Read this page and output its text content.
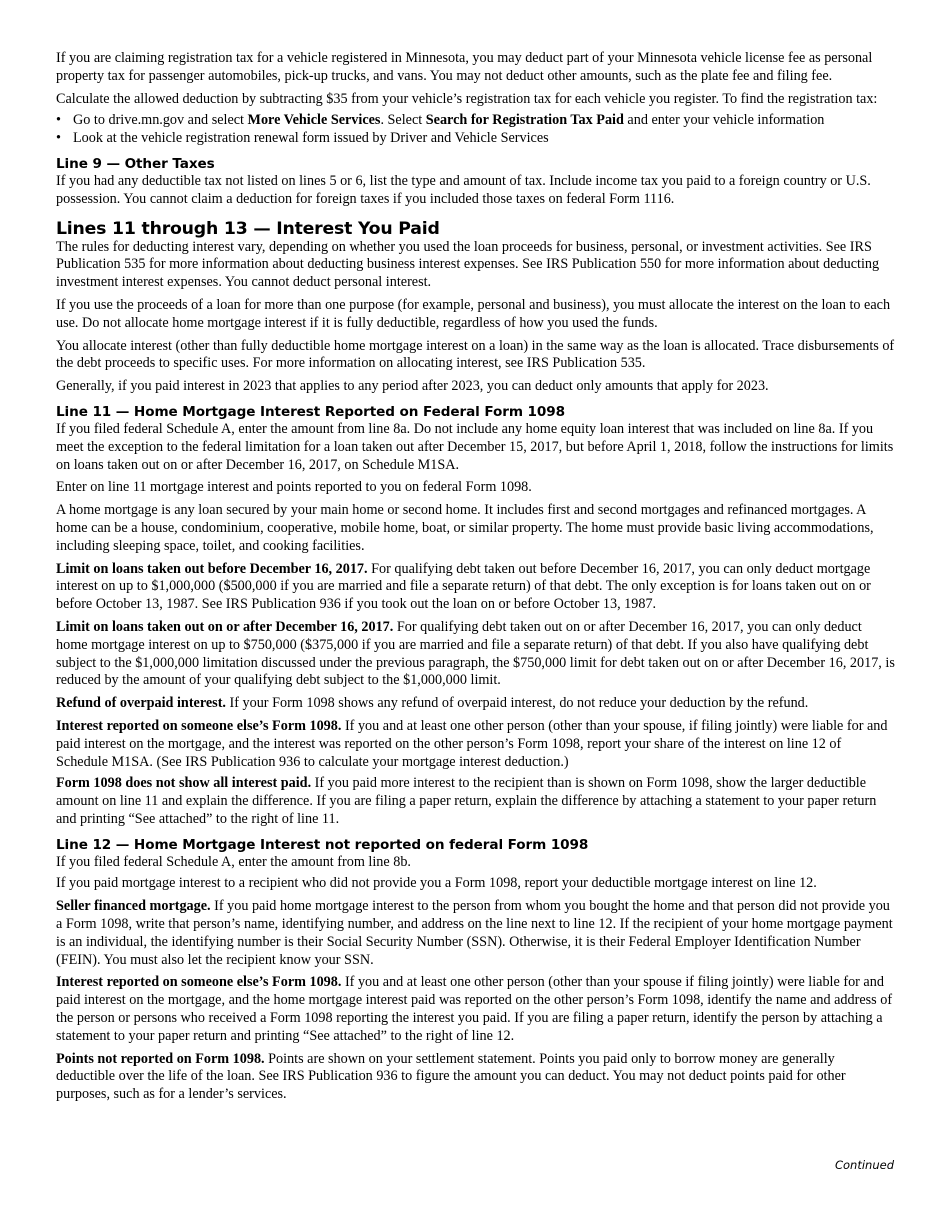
If you are claiming registration tax for a vehicle registered in Minnesota, you may deduct part of your Minnesota vehicle license fee as personal property tax for passenger automobiles, pick-up trucks, and vans. You may not deduct other amounts, such as the plate fee and filing fee.

Calculate the allowed deduction by subtracting $35 from your vehicle’s registration tax for each vehicle you register. To find the registration tax:

• Go to drive.mn.gov and select More Vehicle Services. Select Search for Registration Tax Paid and enter your vehicle information
• Look at the vehicle registration renewal form issued by Driver and Vehicle Services
Line 9 — Other Taxes

If you had any deductible tax not listed on lines 5 or 6, list the type and amount of tax. Include income tax you paid to a foreign country or U.S. possession. You cannot claim a deduction for foreign taxes if you included those taxes on federal Form 1116.

Lines 11 through 13 — Interest You Paid

The rules for deducting interest vary, depending on whether you used the loan proceeds for business, personal, or investment activities. See IRS Publication 535 for more information about deducting business interest expenses. See IRS Publication 550 for more information about deducting investment interest expenses. You cannot deduct personal interest.

If you use the proceeds of a loan for more than one purpose (for example, personal and business), you must allocate the interest on the loan to each use. Do not allocate home mortgage interest if it is fully deductible, regardless of how you used the funds.

You allocate interest (other than fully deductible home mortgage interest on a loan) in the same way as the loan is allocated. Trace disbursements of the debt proceeds to specific uses. For more information on allocating interest, see IRS Publication 535.

Generally, if you paid interest in 2023 that applies to any period after 2023, you can deduct only amounts that apply for 2023.

Line 11 — Home Mortgage Interest Reported on Federal Form 1098

If you filed federal Schedule A, enter the amount from line 8a. Do not include any home equity loan interest that was included on line 8a. If you meet the exception to the federal limitation for a loan taken out after December 15, 2017, but before April 1, 2018, follow the instructions for limits on loans taken out on or after December 16, 2017, on Schedule M1SA.

Enter on line 11 mortgage interest and points reported to you on federal Form 1098.

A home mortgage is any loan secured by your main home or second home. It includes first and second mortgages and refinanced mortgages. A home can be a house, condominium, cooperative, mobile home, boat, or similar property. The home must provide basic living accommodations, including sleeping space, toilet, and cooking facilities.

Limit on loans taken out before December 16, 2017. For qualifying debt taken out before December 16, 2017, you can only deduct mortgage interest on up to $1,000,000 ($500,000 if you are married and file a separate return) of that debt. The only exception is for loans taken out on or before October 13, 1987. See IRS Publication 936 if you took out the loan on or before October 13, 1987.

Limit on loans taken out on or after December 16, 2017. For qualifying debt taken out on or after December 16, 2017, you can only deduct home mortgage interest on up to $750,000 ($375,000 if you are married and file a separate return) of that debt. If you also have qualifying debt subject to the $1,000,000 limitation discussed under the previous paragraph, the $750,000 limit for debt taken out on or after December 16, 2017, is reduced by the amount of your qualifying debt subject to the $1,000,000 limit.

Refund of overpaid interest. If your Form 1098 shows any refund of overpaid interest, do not reduce your deduction by the refund.

Interest reported on someone else’s Form 1098. If you and at least one other person (other than your spouse, if filing jointly) were liable for and paid interest on the mortgage, and the interest was reported on the other person’s Form 1098, report your share of the interest on line 12 of Schedule M1SA. (See IRS Publication 936 to calculate your mortgage interest deduction.)

Form 1098 does not show all interest paid. If you paid more interest to the recipient than is shown on Form 1098, show the larger deductible amount on line 11 and explain the difference. If you are filing a paper return, explain the difference by attaching a statement to your paper return and printing “See attached” to the right of line 11.

Line 12 — Home Mortgage Interest not reported on federal Form 1098

If you filed federal Schedule A, enter the amount from line 8b.

If you paid mortgage interest to a recipient who did not provide you a Form 1098, report your deductible mortgage interest on line 12.

Seller financed mortgage. If you paid home mortgage interest to the person from whom you bought the home and that person did not provide you a Form 1098, write that person’s name, identifying number, and address on the line next to line 12. If the recipient of your home mortgage payment is an individual, the identifying number is their Social Security Number (SSN). Otherwise, it is their Federal Employer Identification Number (FEIN). You must also let the recipient know your SSN.

Interest reported on someone else’s Form 1098. If you and at least one other person (other than your spouse if filing jointly) were liable for and paid interest on the mortgage, and the home mortgage interest paid was reported on the other person’s Form 1098, identify the name and address of the person or persons who received a Form 1098 reporting the interest you paid. If you are filing a paper return, identify the person by attaching a statement to your paper return and printing “See attached” to the right of line 12.

Points not reported on Form 1098. Points are shown on your settlement statement. Points you paid only to borrow money are generally deductible over the life of the loan. See IRS Publication 936 to figure the amount you can deduct. You may not deduct points paid for other purposes, such as for a lender’s services.

Continued
